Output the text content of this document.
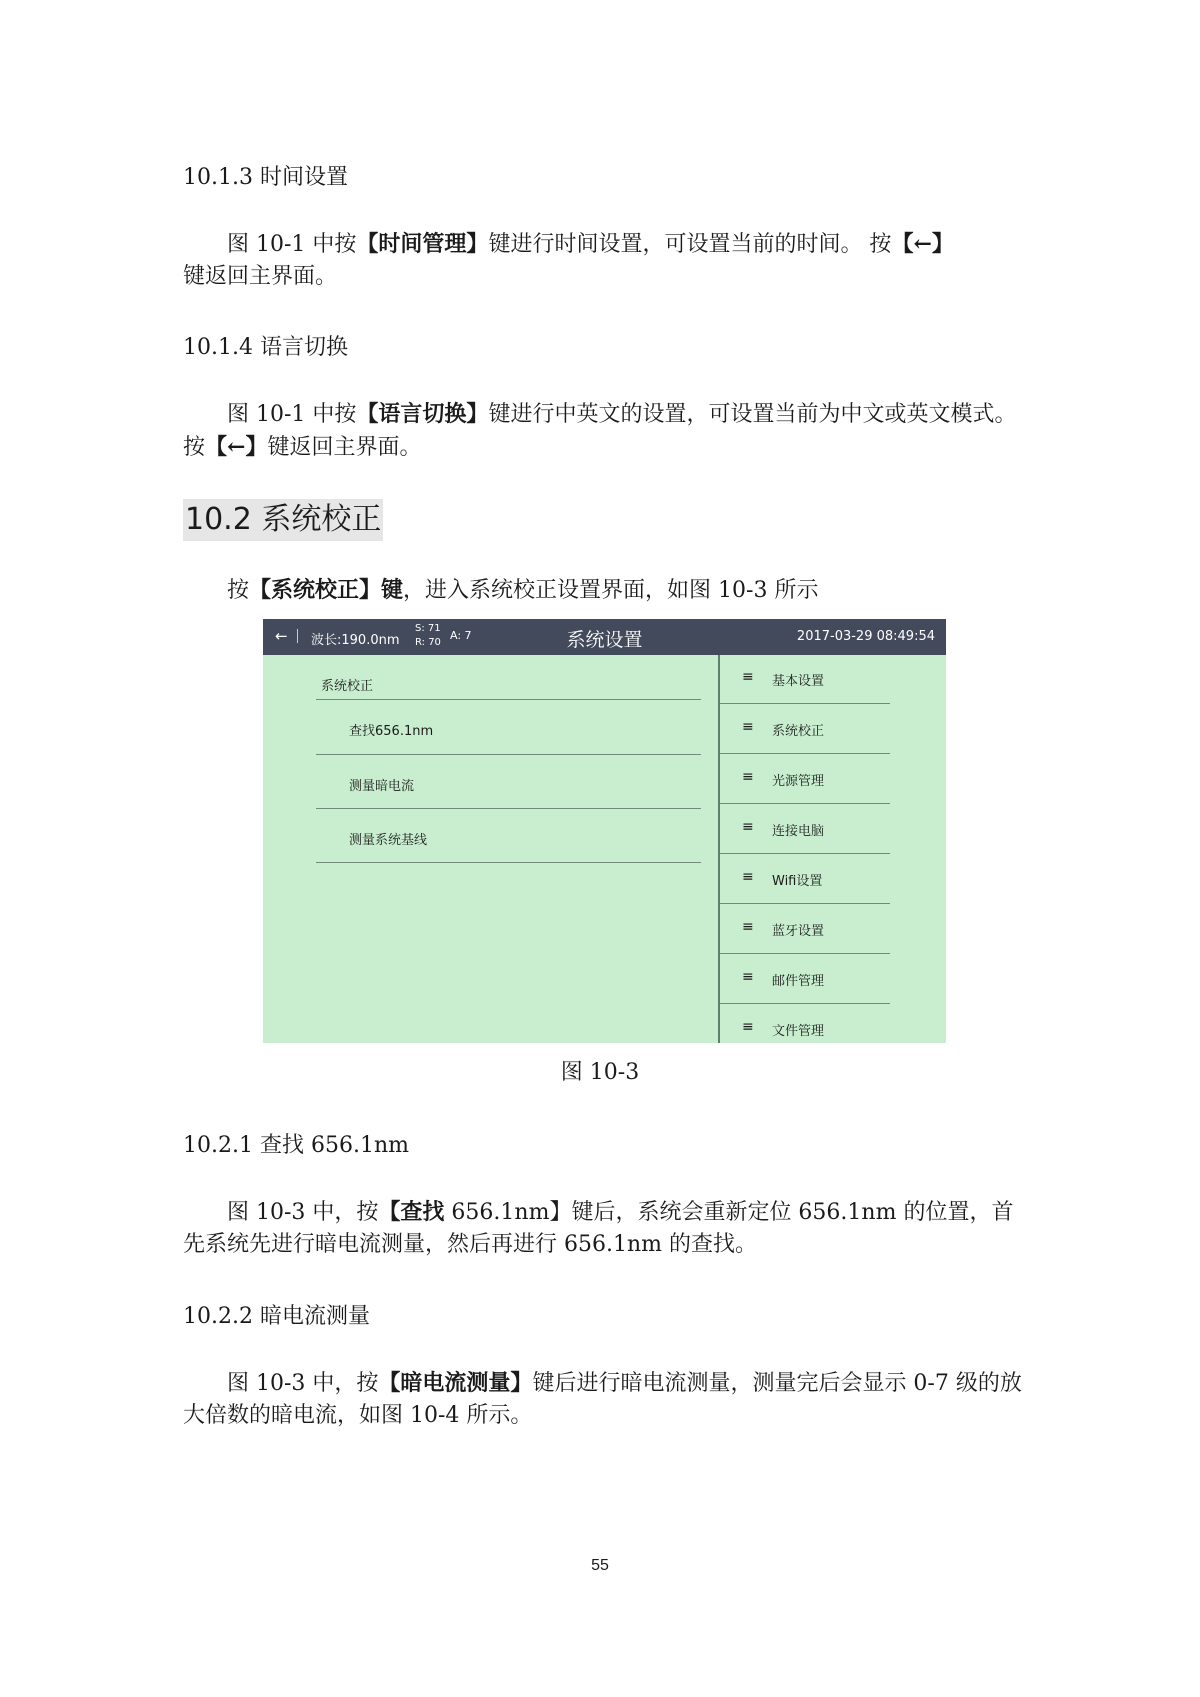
10.1.3 时间设置
图 10-1 中按【时间管理】键进行时间设置，可设置当前的时间。 按【←】
键返回主界面。
10.1.4 语言切换
图 10-1 中按【语言切换】键进行中英文的设置，可设置当前为中文或英文模式。按【←】键返回主界面。
10.2 系统校正
按【系统校正】键，进入系统校正设置界面，如图 10-3 所示
← 波长:190.0nm
S: 71
R: 70
A: 7	系统设置	2017-03-29 08:49:54
系统校正
查找656.1nm
测量暗电流
测量系统基线
≡ 基本设置
≡ 系统校正
≡ 光源管理
≡ 连接电脑
≡ Wifi设置
≡ 蓝牙设置
≡ 邮件管理
≡ 文件管理
图 10-3
10.2.1 查找 656.1nm
图 10-3 中，按【查找 656.1nm】键后，系统会重新定位 656.1nm 的位置，首先系统先进行暗电流测量，然后再进行 656.1nm 的查找。
10.2.2 暗电流测量
图 10-3 中，按【暗电流测量】键后进行暗电流测量，测量完后会显示 0-7 级的放大倍数的暗电流，如图 10-4 所示。
55
